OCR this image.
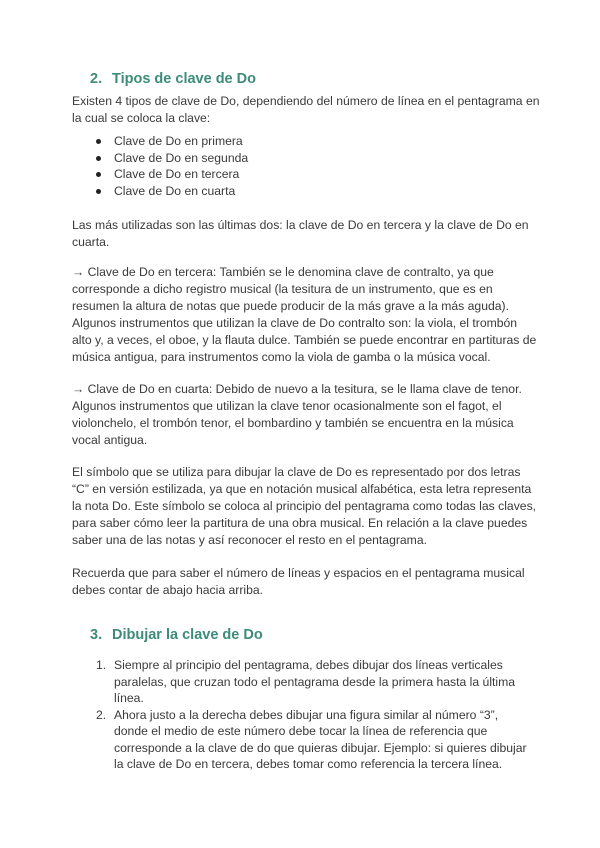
2. Tipos de clave de Do
Existen 4 tipos de clave de Do, dependiendo del número de línea en el pentagrama en
la cual se coloca la clave:
Clave de Do en primera
Clave de Do en segunda
Clave de Do en tercera
Clave de Do en cuarta
Las más utilizadas son las últimas dos: la clave de Do en tercera y la clave de Do en
cuarta.
→ Clave de Do en tercera: También se le denomina clave de contralto, ya que
corresponde a dicho registro musical (la tesitura de un instrumento, que es en
resumen la altura de notas que puede producir de la más grave a la más aguda).
Algunos instrumentos que utilizan la clave de Do contralto son: la viola, el trombón
alto y, a veces, el oboe, y la flauta dulce. También se puede encontrar en partituras de
música antigua, para instrumentos como la viola de gamba o la música vocal.
→ Clave de Do en cuarta: Debido de nuevo a la tesitura, se le llama clave de tenor.
Algunos instrumentos que utilizan la clave tenor ocasionalmente son el fagot, el
violonchelo, el trombón tenor, el bombardino y también se encuentra en la música
vocal antigua.
El símbolo que se utiliza para dibujar la clave de Do es representado por dos letras
“C” en versión estilizada, ya que en notación musical alfabética, esta letra representa
la nota Do. Este símbolo se coloca al principio del pentagrama como todas las claves,
para saber cómo leer la partitura de una obra musical. En relación a la clave puedes
saber una de las notas y así reconocer el resto en el pentagrama.
Recuerda que para saber el número de líneas y espacios en el pentagrama musical
debes contar de abajo hacia arriba.
3. Dibujar la clave de Do
1. Siempre al principio del pentagrama, debes dibujar dos líneas verticales
paralelas, que cruzan todo el pentagrama desde la primera hasta la última
línea.
2. Ahora justo a la derecha debes dibujar una figura similar al número “3”,
donde el medio de este número debe tocar la línea de referencia que
corresponde a la clave de do que quieras dibujar. Ejemplo: si quieres dibujar
la clave de Do en tercera, debes tomar como referencia la tercera línea.
